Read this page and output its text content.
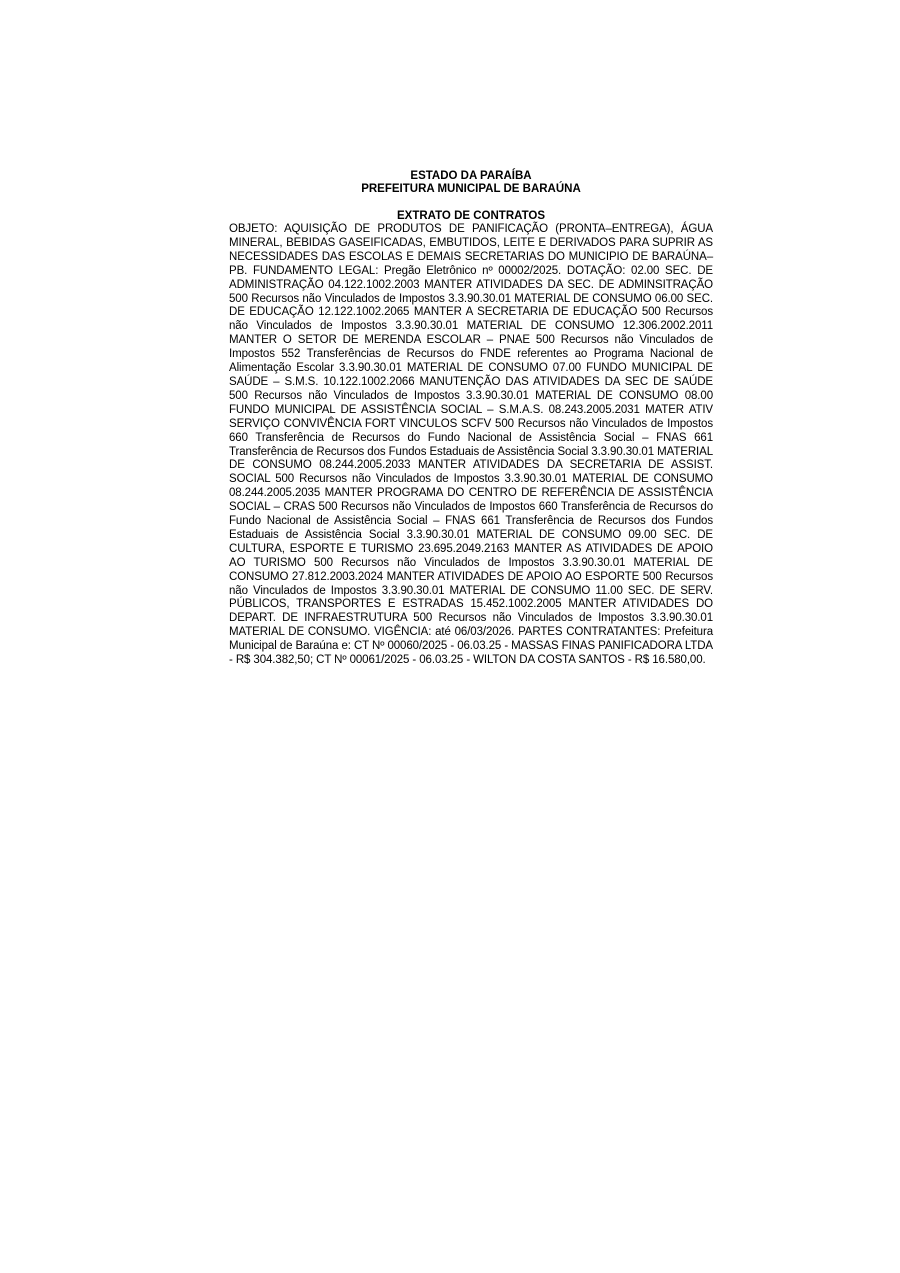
ESTADO DA PARAÍBA

PREFEITURA MUNICIPAL DE BARAÚNA

EXTRATO DE CONTRATOS

OBJETO: AQUISIÇÃO DE PRODUTOS DE PANIFICAÇÃO (PRONTA–ENTREGA), ÁGUA MINERAL, BEBIDAS GASEIFICADAS, EMBUTIDOS, LEITE E DERIVADOS PARA SUPRIR AS NECESSIDADES DAS ESCOLAS E DEMAIS SECRETARIAS DO MUNICIPIO DE BARAÚNA–PB. FUNDAMENTO LEGAL: Pregão Eletrônico nº 00002/2025. DOTAÇÃO: 02.00 SEC. DE ADMINISTRAÇÃO 04.122.1002.2003 MANTER ATIVIDADES DA SEC. DE ADMINSITRAÇÃO 500 Recursos não Vinculados de Impostos 3.3.90.30.01 MATERIAL DE CONSUMO 06.00 SEC. DE EDUCAÇÃO 12.122.1002.2065 MANTER A SECRETARIA DE EDUCAÇÃO 500 Recursos não Vinculados de Impostos 3.3.90.30.01 MATERIAL DE CONSUMO 12.306.2002.2011 MANTER O SETOR DE MERENDA ESCOLAR – PNAE 500 Recursos não Vinculados de Impostos 552 Transferências de Recursos do FNDE referentes ao Programa Nacional de Alimentação Escolar 3.3.90.30.01 MATERIAL DE CONSUMO 07.00 FUNDO MUNICIPAL DE SAÚDE – S.M.S. 10.122.1002.2066 MANUTENÇÃO DAS ATIVIDADES DA SEC DE SAÚDE 500 Recursos não Vinculados de Impostos 3.3.90.30.01 MATERIAL DE CONSUMO 08.00 FUNDO MUNICIPAL DE ASSISTÊNCIA SOCIAL – S.M.A.S. 08.243.2005.2031 MATER ATIV SERVIÇO CONVIVÊNCIA FORT VINCULOS SCFV 500 Recursos não Vinculados de Impostos 660 Transferência de Recursos do Fundo Nacional de Assistência Social – FNAS 661 Transferência de Recursos dos Fundos Estaduais de Assistência Social 3.3.90.30.01 MATERIAL DE CONSUMO 08.244.2005.2033 MANTER ATIVIDADES DA SECRETARIA DE ASSIST. SOCIAL 500 Recursos não Vinculados de Impostos 3.3.90.30.01 MATERIAL DE CONSUMO 08.244.2005.2035 MANTER PROGRAMA DO CENTRO DE REFERÊNCIA DE ASSISTÊNCIA SOCIAL – CRAS 500 Recursos não Vinculados de Impostos 660 Transferência de Recursos do Fundo Nacional de Assistência Social – FNAS 661 Transferência de Recursos dos Fundos Estaduais de Assistência Social 3.3.90.30.01 MATERIAL DE CONSUMO 09.00 SEC. DE CULTURA, ESPORTE E TURISMO 23.695.2049.2163 MANTER AS ATIVIDADES DE APOIO AO TURISMO 500 Recursos não Vinculados de Impostos 3.3.90.30.01 MATERIAL DE CONSUMO 27.812.2003.2024 MANTER ATIVIDADES DE APOIO AO ESPORTE 500 Recursos não Vinculados de Impostos 3.3.90.30.01 MATERIAL DE CONSUMO 11.00 SEC. DE SERV. PÚBLICOS, TRANSPORTES E ESTRADAS 15.452.1002.2005 MANTER ATIVIDADES DO DEPART. DE INFRAESTRUTURA 500 Recursos não Vinculados de Impostos 3.3.90.30.01 MATERIAL DE CONSUMO. VIGÊNCIA: até 06/03/2026. PARTES CONTRATANTES: Prefeitura Municipal de Baraúna e: CT Nº 00060/2025 - 06.03.25 - MASSAS FINAS PANIFICADORA LTDA - R$ 304.382,50; CT Nº 00061/2025 - 06.03.25 - WILTON DA COSTA SANTOS - R$ 16.580,00.
